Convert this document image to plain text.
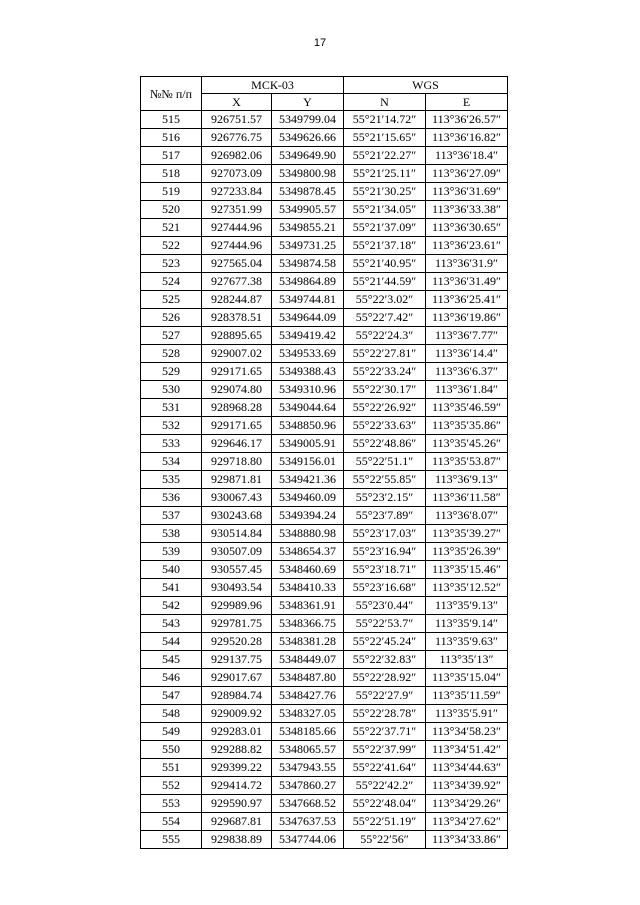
17
№№ п/п	МСК-03		WGS	
	X	Y	N	E
515	926751.57	5349799.04	55°21′14.72″	113°36′26.57″
516	926776.75	5349626.66	55°21′15.65″	113°36′16.82″
517	926982.06	5349649.90	55°21′22.27″	113°36′18.4″
518	927073.09	5349800.98	55°21′25.11″	113°36′27.09″
519	927233.84	5349878.45	55°21′30.25″	113°36′31.69″
520	927351.99	5349905.57	55°21′34.05″	113°36′33.38″
521	927444.96	5349855.21	55°21′37.09″	113°36′30.65″
522	927444.96	5349731.25	55°21′37.18″	113°36′23.61″
523	927565.04	5349874.58	55°21′40.95″	113°36′31.9″
524	927677.38	5349864.89	55°21′44.59″	113°36′31.49″
525	928244.87	5349744.81	55°22′3.02″	113°36′25.41″
526	928378.51	5349644.09	55°22′7.42″	113°36′19.86″
527	928895.65	5349419.42	55°22′24.3″	113°36′7.77″
528	929007.02	5349533.69	55°22′27.81″	113°36′14.4″
529	929171.65	5349388.43	55°22′33.24″	113°36′6.37″
530	929074.80	5349310.96	55°22′30.17″	113°36′1.84″
531	928968.28	5349044.64	55°22′26.92″	113°35′46.59″
532	929171.65	5348850.96	55°22′33.63″	113°35′35.86″
533	929646.17	5349005.91	55°22′48.86″	113°35′45.26″
534	929718.80	5349156.01	55°22′51.1″	113°35′53.87″
535	929871.81	5349421.36	55°22′55.85″	113°36′9.13″
536	930067.43	5349460.09	55°23′2.15″	113°36′11.58″
537	930243.68	5349394.24	55°23′7.89″	113°36′8.07″
538	930514.84	5348880.98	55°23′17.03″	113°35′39.27″
539	930507.09	5348654.37	55°23′16.94″	113°35′26.39″
540	930557.45	5348460.69	55°23′18.71″	113°35′15.46″
541	930493.54	5348410.33	55°23′16.68″	113°35′12.52″
542	929989.96	5348361.91	55°23′0.44″	113°35′9.13″
543	929781.75	5348366.75	55°22′53.7″	113°35′9.14″
544	929520.28	5348381.28	55°22′45.24″	113°35′9.63″
545	929137.75	5348449.07	55°22′32.83″	113°35′13″
546	929017.67	5348487.80	55°22′28.92″	113°35′15.04″
547	928984.74	5348427.76	55°22′27.9″	113°35′11.59″
548	929009.92	5348327.05	55°22′28.78″	113°35′5.91″
549	929283.01	5348185.66	55°22′37.71″	113°34′58.23″
550	929288.82	5348065.57	55°22′37.99″	113°34′51.42″
551	929399.22	5347943.55	55°22′41.64″	113°34′44.63″
552	929414.72	5347860.27	55°22′42.2″	113°34′39.92″
553	929590.97	5347668.52	55°22′48.04″	113°34′29.26″
554	929687.81	5347637.53	55°22′51.19″	113°34′27.62″
555	929838.89	5347744.06	55°22′56″	113°34′33.86″
